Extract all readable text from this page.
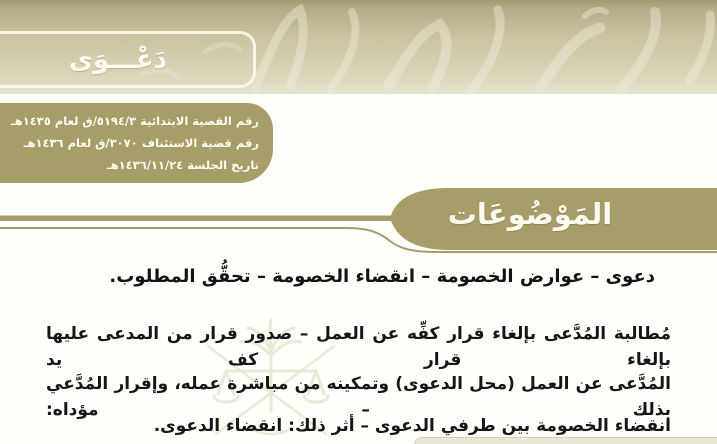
دَعْـــوَى
رقم القضية الابتدائية ٥١٩٤/٣/ق لعام ١٤٣٥هـ
رقم قضية الاستئناف ٣٠٧٠/ق لعام ١٤٣٦هـ
تاريخ الجلسة ١٤٣٦/١١/٢٤هـ
المَوْضُوعَات
دعوى – عوارض الخصومة – انقضاء الخصومة – تحقُّق المطلوب.
مُطالبة المُدَّعى بإلغاء قرار كفِّه عن العمل – صدور قرار من المدعى عليها بإلغاء قرار كف يد
المُدَّعى عن العمل (محل الدعوى) وتمكينه من مباشرة عمله، وإقرار المُدَّعي بذلك – مؤداه:
انقضاء الخصومة بين طرفي الدعوى – أثر ذلك: انقضاء الدعوى.
